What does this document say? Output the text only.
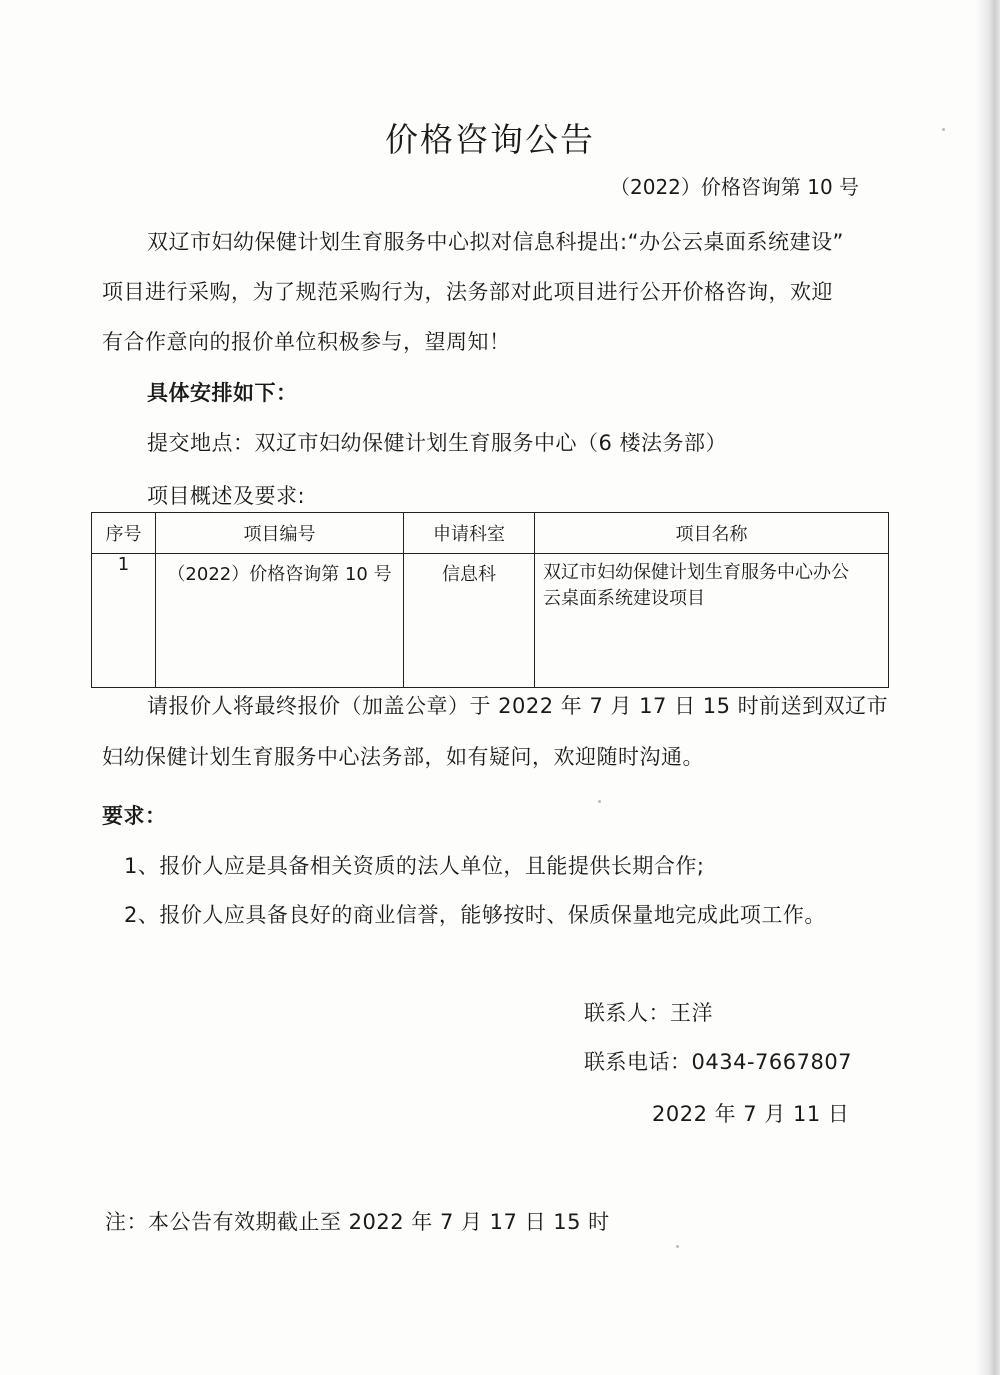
价格咨询公告
（2022）价格咨询第 10 号
双辽市妇幼保健计划生育服务中心拟对信息科提出:“办公云桌面系统建设”
项目进行采购，为了规范采购行为，法务部对此项目进行公开价格咨询，欢迎
有合作意向的报价单位积极参与，望周知！
具体安排如下：
提交地点：双辽市妇幼保健计划生育服务中心（6 楼法务部）
项目概述及要求:
序号	项目编号	申请科室	项目名称
1	（2022）价格咨询第 10 号	信息科	双辽市妇幼保健计划生育服务中心办公
云桌面系统建设项目
请报价人将最终报价（加盖公章）于 2022 年 7 月 17 日 15 时前送到双辽市
妇幼保健计划生育服务中心法务部，如有疑问，欢迎随时沟通。
要求：
1、报价人应是具备相关资质的法人单位，且能提供长期合作;
2、报价人应具备良好的商业信誉，能够按时、保质保量地完成此项工作。
联系人：王洋
联系电话：0434-7667807
2022 年 7 月 11 日
注：本公告有效期截止至 2022 年 7 月 17 日 15 时
